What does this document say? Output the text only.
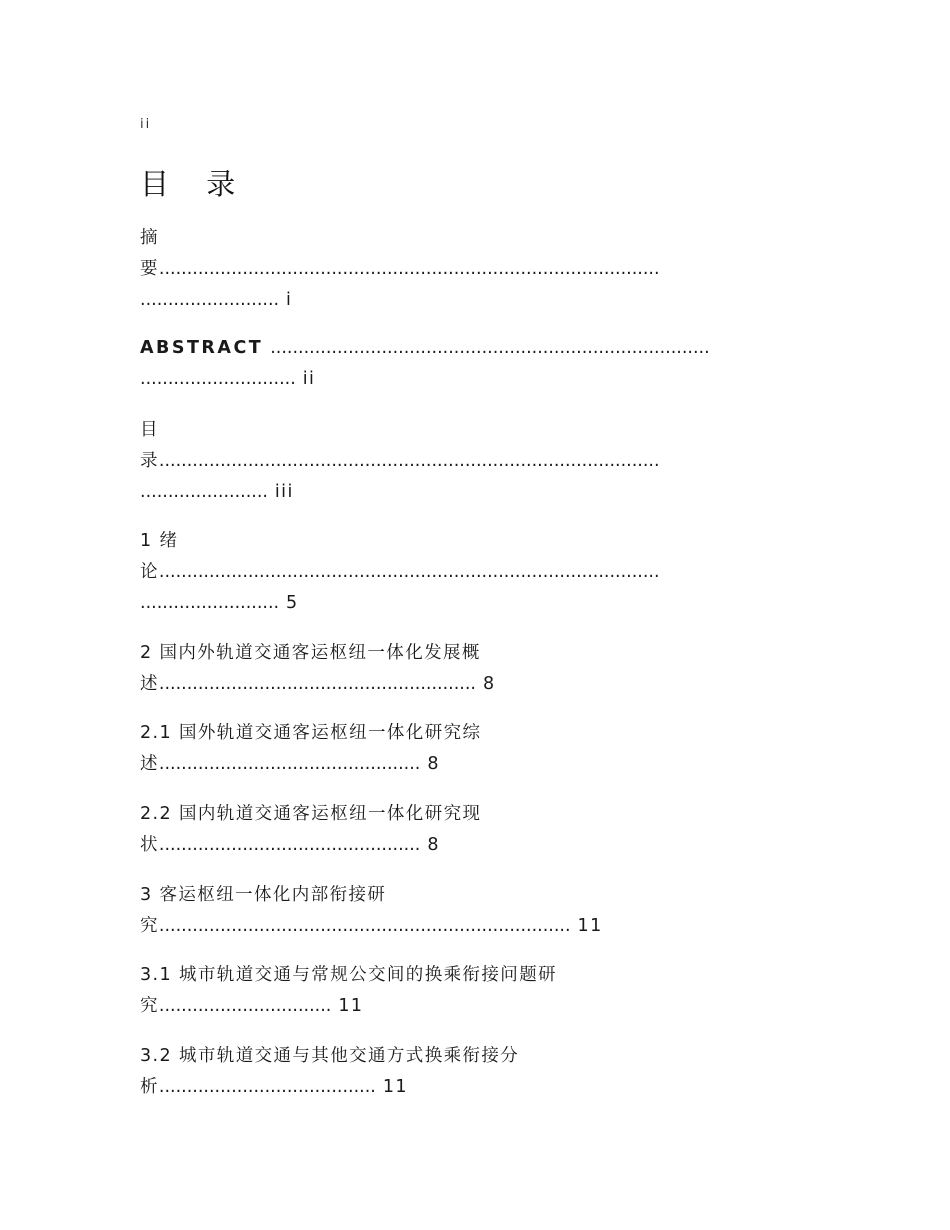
ii
目 录
摘
要..........................................................................................
......................... i
ABSTRACT ...............................................................................
............................ ii
目
录..........................................................................................
....................... iii
1 绪
论..........................................................................................
......................... 5
2 国内外轨道交通客运枢纽一体化发展概
述......................................................... 8
2.1 国外轨道交通客运枢纽一体化研究综
述............................................... 8
2.2 国内轨道交通客运枢纽一体化研究现
状............................................... 8
3 客运枢纽一体化内部衔接研
究.......................................................................... 11
3.1 城市轨道交通与常规公交间的换乘衔接问题研
究............................... 11
3.2 城市轨道交通与其他交通方式换乘衔接分
析....................................... 11
